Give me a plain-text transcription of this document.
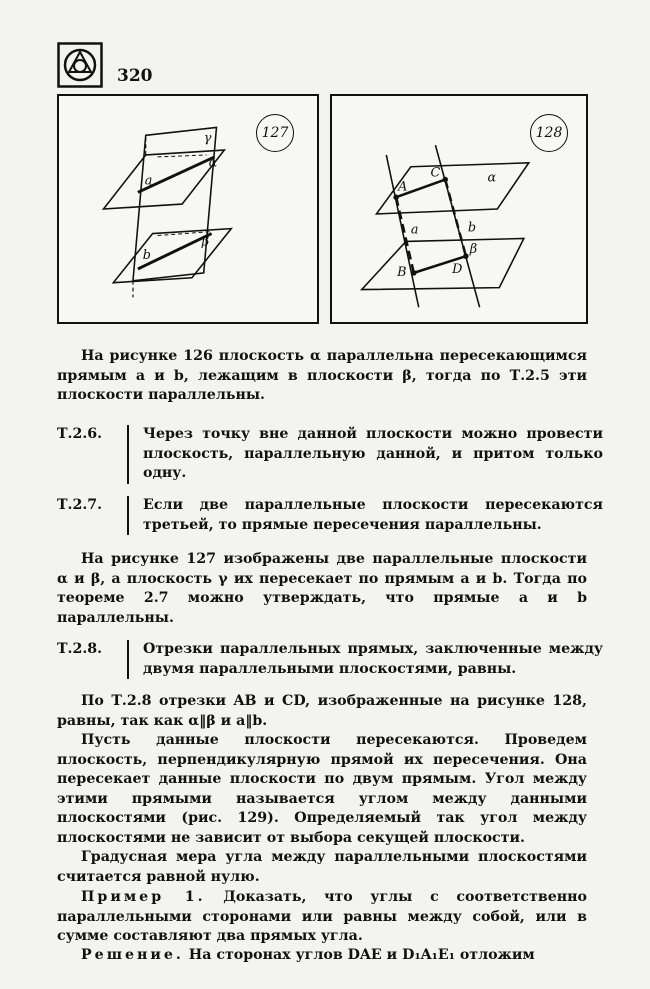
320
γ
α
β
a
b
127
α
β
a	b
A
C
B	D
128
На рисунке 126 плоскость α параллельна пересекающимся прямым a и b, лежащим в плоскости β, тогда по Т.2.5 эти плоскости параллельны.
Т.2.6.	Через точку вне данной плоскости можно провести плоскость, параллельную данной, и притом только одну.
Т.2.7.	Если две параллельные плоскости пересекаются третьей, то прямые пересечения параллельны.
На рисунке 127 изображены две параллельные плоскости α и β, а плоскость γ их пересекает по прямым a и b. Тогда по теореме 2.7 можно утверждать, что прямые a и b параллельны.
Т.2.8.	Отрезки параллельных прямых, заключенные между двумя параллельными плоскостями, равны.
По Т.2.8 отрезки AB и CD, изображенные на рисунке 128, равны, так как α‖β и a‖b.
Пусть данные плоскости пересекаются. Проведем плоскость, перпендикулярную прямой их пересечения. Она пересекает данные плоскости по двум прямым. Угол между этими прямыми называется углом между данными плоскостями (рис. 129). Определяемый так угол между плоскостями не зависит от выбора секущей плоскости.
Градусная мера угла между параллельными плоскостями считается равной нулю.
Пример 1. Доказать, что углы с соответственно параллельными сторонами или равны между собой, или в сумме составляют два прямых угла.
Решение. На сторонах углов DAE и D₁A₁E₁ отложим
